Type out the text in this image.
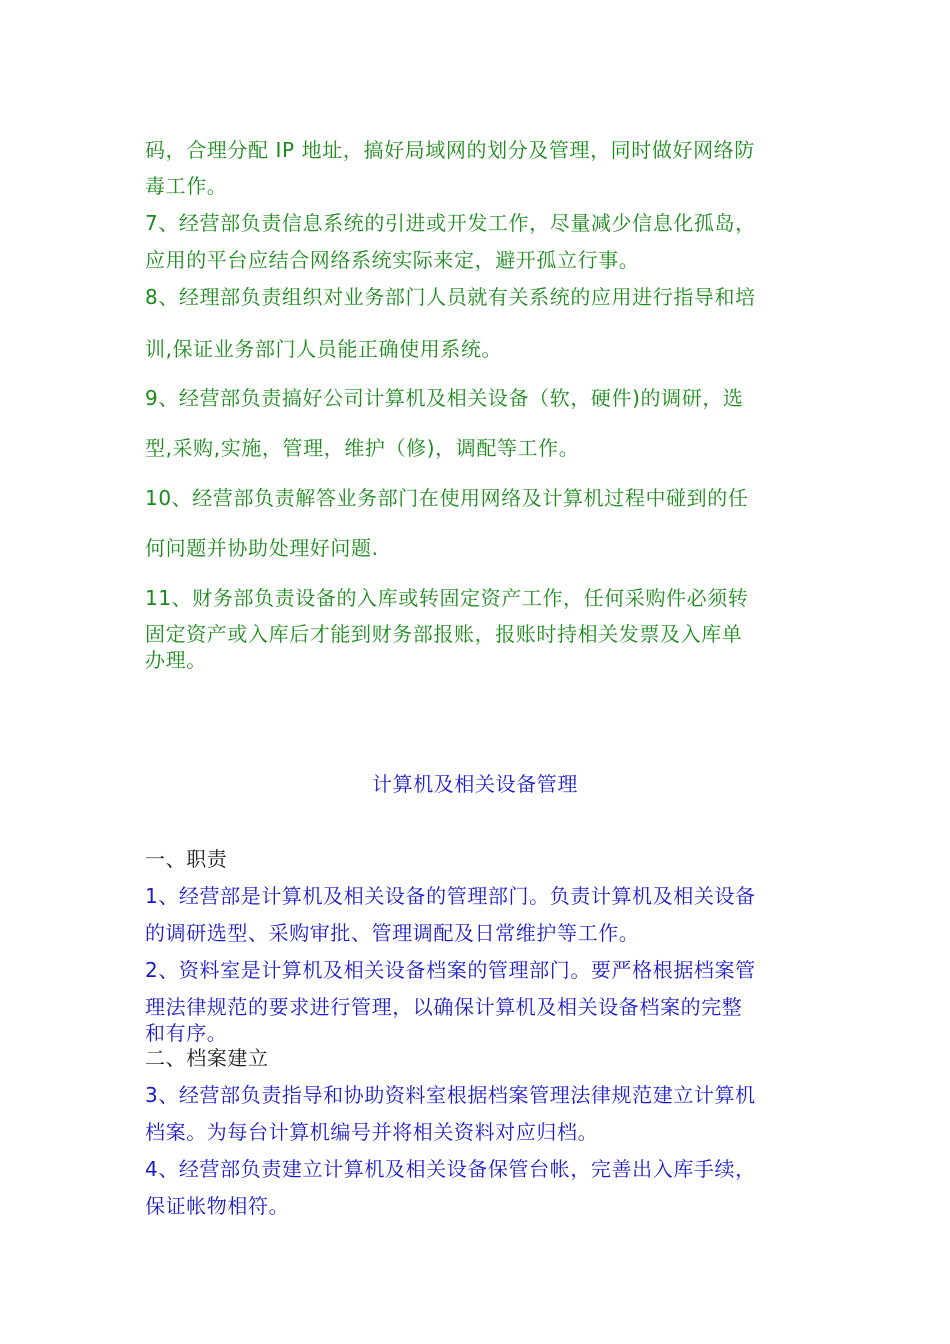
码，合理分配 IP 地址，搞好局域网的划分及管理，同时做好网络防
毒工作。
7、经营部负责信息系统的引进或开发工作，尽量减少信息化孤岛，
应用的平台应结合网络系统实际来定，避开孤立行事。
8、经理部负责组织对业务部门人员就有关系统的应用进行指导和培
训,保证业务部门人员能正确使用系统。
9、经营部负责搞好公司计算机及相关设备（软，硬件)的调研，选
型,采购,实施，管理，维护（修)，调配等工作。
10、经营部负责解答业务部门在使用网络及计算机过程中碰到的任
何问题并协助处理好问题.
11、财务部负责设备的入库或转固定资产工作，任何采购件必须转
固定资产或入库后才能到财务部报账，报账时持相关发票及入库单
办理。
计算机及相关设备管理
一、职责
1、经营部是计算机及相关设备的管理部门。负责计算机及相关设备
的调研选型、采购审批、管理调配及日常维护等工作。
2、资料室是计算机及相关设备档案的管理部门。要严格根据档案管
理法律规范的要求进行管理，以确保计算机及相关设备档案的完整
和有序。
二、档案建立
3、经营部负责指导和协助资料室根据档案管理法律规范建立计算机
档案。为每台计算机编号并将相关资料对应归档。
4、经营部负责建立计算机及相关设备保管台帐，完善出入库手续，
保证帐物相符。
